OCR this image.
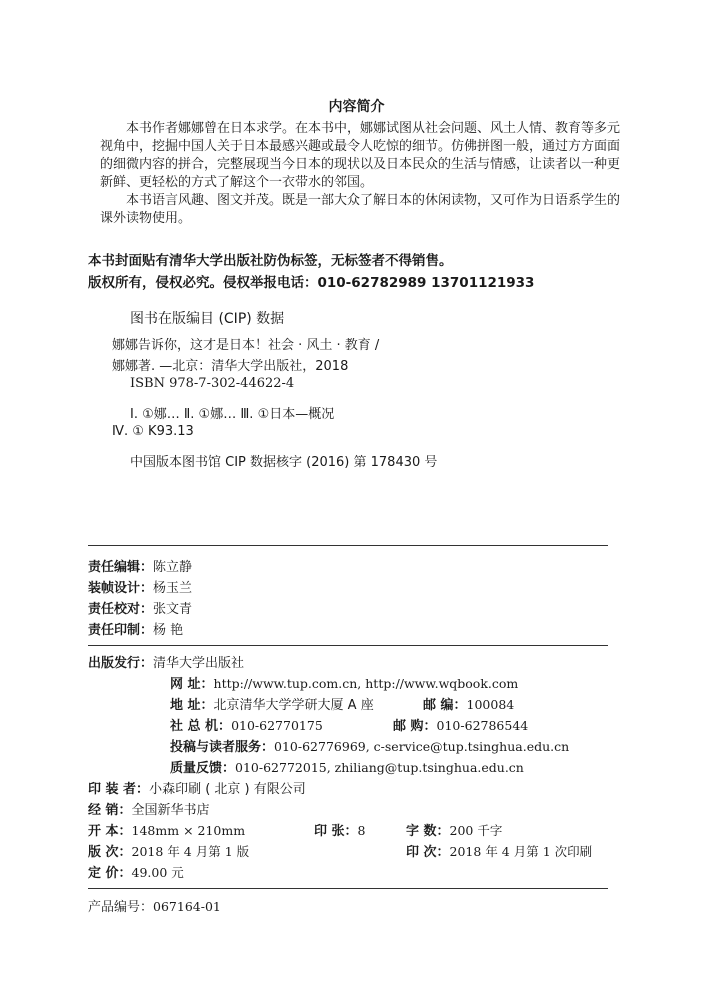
内容简介

本书作者娜娜曾在日本求学。在本书中，娜娜试图从社会问题、风土人情、教育等多元视角中，挖掘中国人关于日本最感兴趣或最令人吃惊的细节。仿佛拼图一般，通过方方面面的细微内容的拼合，完整展现当今日本的现状以及日本民众的生活与情感，让读者以一种更新鲜、更轻松的方式了解这个一衣带水的邻国。

本书语言风趣、图文并茂。既是一部大众了解日本的休闲读物，又可作为日语系学生的课外读物使用。

本书封面贴有清华大学出版社防伪标签，无标签者不得销售。
版权所有，侵权必究。侵权举报电话：010-62782989 13701121933
图书在版编目 (CIP) 数据
娜娜告诉你，这才是日本！社会 · 风土 · 教育 /
娜娜著. —北京：清华大学出版社，2018
ISBN 978-7-302-44622-4
Ⅰ. ①娜… Ⅱ. ①娜… Ⅲ. ①日本—概况
Ⅳ. ① K93.13
中国版本图书馆 CIP 数据核字 (2016) 第 178430 号
责任编辑：陈立静
装帧设计：杨玉兰
责任校对：张文青
责任印制：杨 艳
出版发行：清华大学出版社
网 址：http://www.tup.com.cn, http://www.wqbook.com
地 址：北京清华大学学研大厦 A 座	邮 编：100084
社 总 机：010-62770175	邮 购：010-62786544
投稿与读者服务：010-62776969, c-service@tup.tsinghua.edu.cn
质量反馈：010-62772015, zhiliang@tup.tsinghua.edu.cn
印 装 者：小森印刷 ( 北京 ) 有限公司
经 销：全国新华书店
开 本：148mm × 210mm	印 张：8	字 数：200 千字
版 次：2018 年 4 月第 1 版	印 次：2018 年 4 月第 1 次印刷
定 价：49.00 元
产品编号：067164-01
